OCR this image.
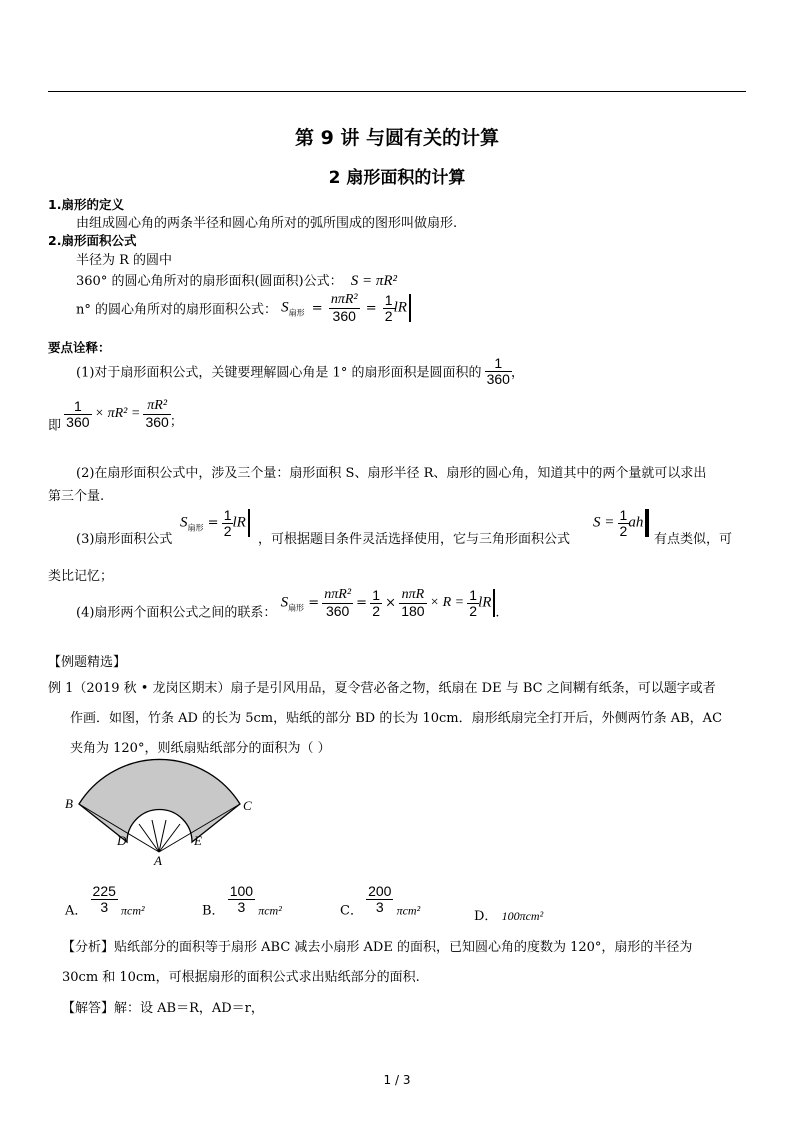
第 9 讲 与圆有关的计算
2 扇形面积的计算
1.扇形的定义
由组成圆心角的两条半径和圆心角所对的弧所围成的图形叫做扇形.
2.扇形面积公式
半径为 R 的圆中
360° 的圆心角所对的扇形面积(圆面积)公式： S = πR²
n° 的圆心角所对的扇形面积公式： $S_{扇形} = \frac{\text{nπR²}}{360} = \frac{1}{2}$ lR
要点诠释：
(1)对于扇形面积公式，关键要理解圆心角是 1° 的扇形面积是圆面积的 $\frac{1}{360}$ ，
即 $\frac{1}{360} \times \pi R^2 = \frac{\text{πR²}}{360}$ ；
(2)在扇形面积公式中，涉及三个量：扇形面积 S、扇形半径 R、扇形的圆心角，知道其中的两个量就可以求出
第三个量.
(3)扇形面积公式
$S_{扇形} = \frac{1}{2}$ lR
，可根据题目条件灵活选择使用，它与三角形面积公式
$S = \frac{1}{2}$ ah
有点类似，可
类比记忆；
(4)扇形两个面积公式之间的联系： $S_{扇形} = \frac{\text{nπR²}}{360} = \frac{1}{2} \times \frac{\text{nπR}}{180} \times R = \frac{1}{2}$ lR.
【例题精选】
例 1（2019 秋 • 龙岗区期末）扇子是引风用品，夏令营必备之物，纸扇在 DE 与 BC 之间糊有纸条，可以题字或者
作画．如图，竹条 AD 的长为 5cm，贴纸的部分 BD 的长为 10cm．扇形纸扇完全打开后，外侧两竹条 AB，AC
夹角为 120°，则纸扇贴纸部分的面积为（ ）
B	C
D	E
A
A． $\frac{225}{3} \pi cm^2$	B． $\frac{100}{3} \pi cm^2$	C． $\frac{200}{3} \pi cm^2$	D． 100πcm²
【分析】贴纸部分的面积等于扇形 ABC 减去小扇形 ADE 的面积，已知圆心角的度数为 120°，扇形的半径为
30cm 和 10cm，可根据扇形的面积公式求出贴纸部分的面积.
【解答】解：设 AB＝R，AD＝r，
1 / 3
